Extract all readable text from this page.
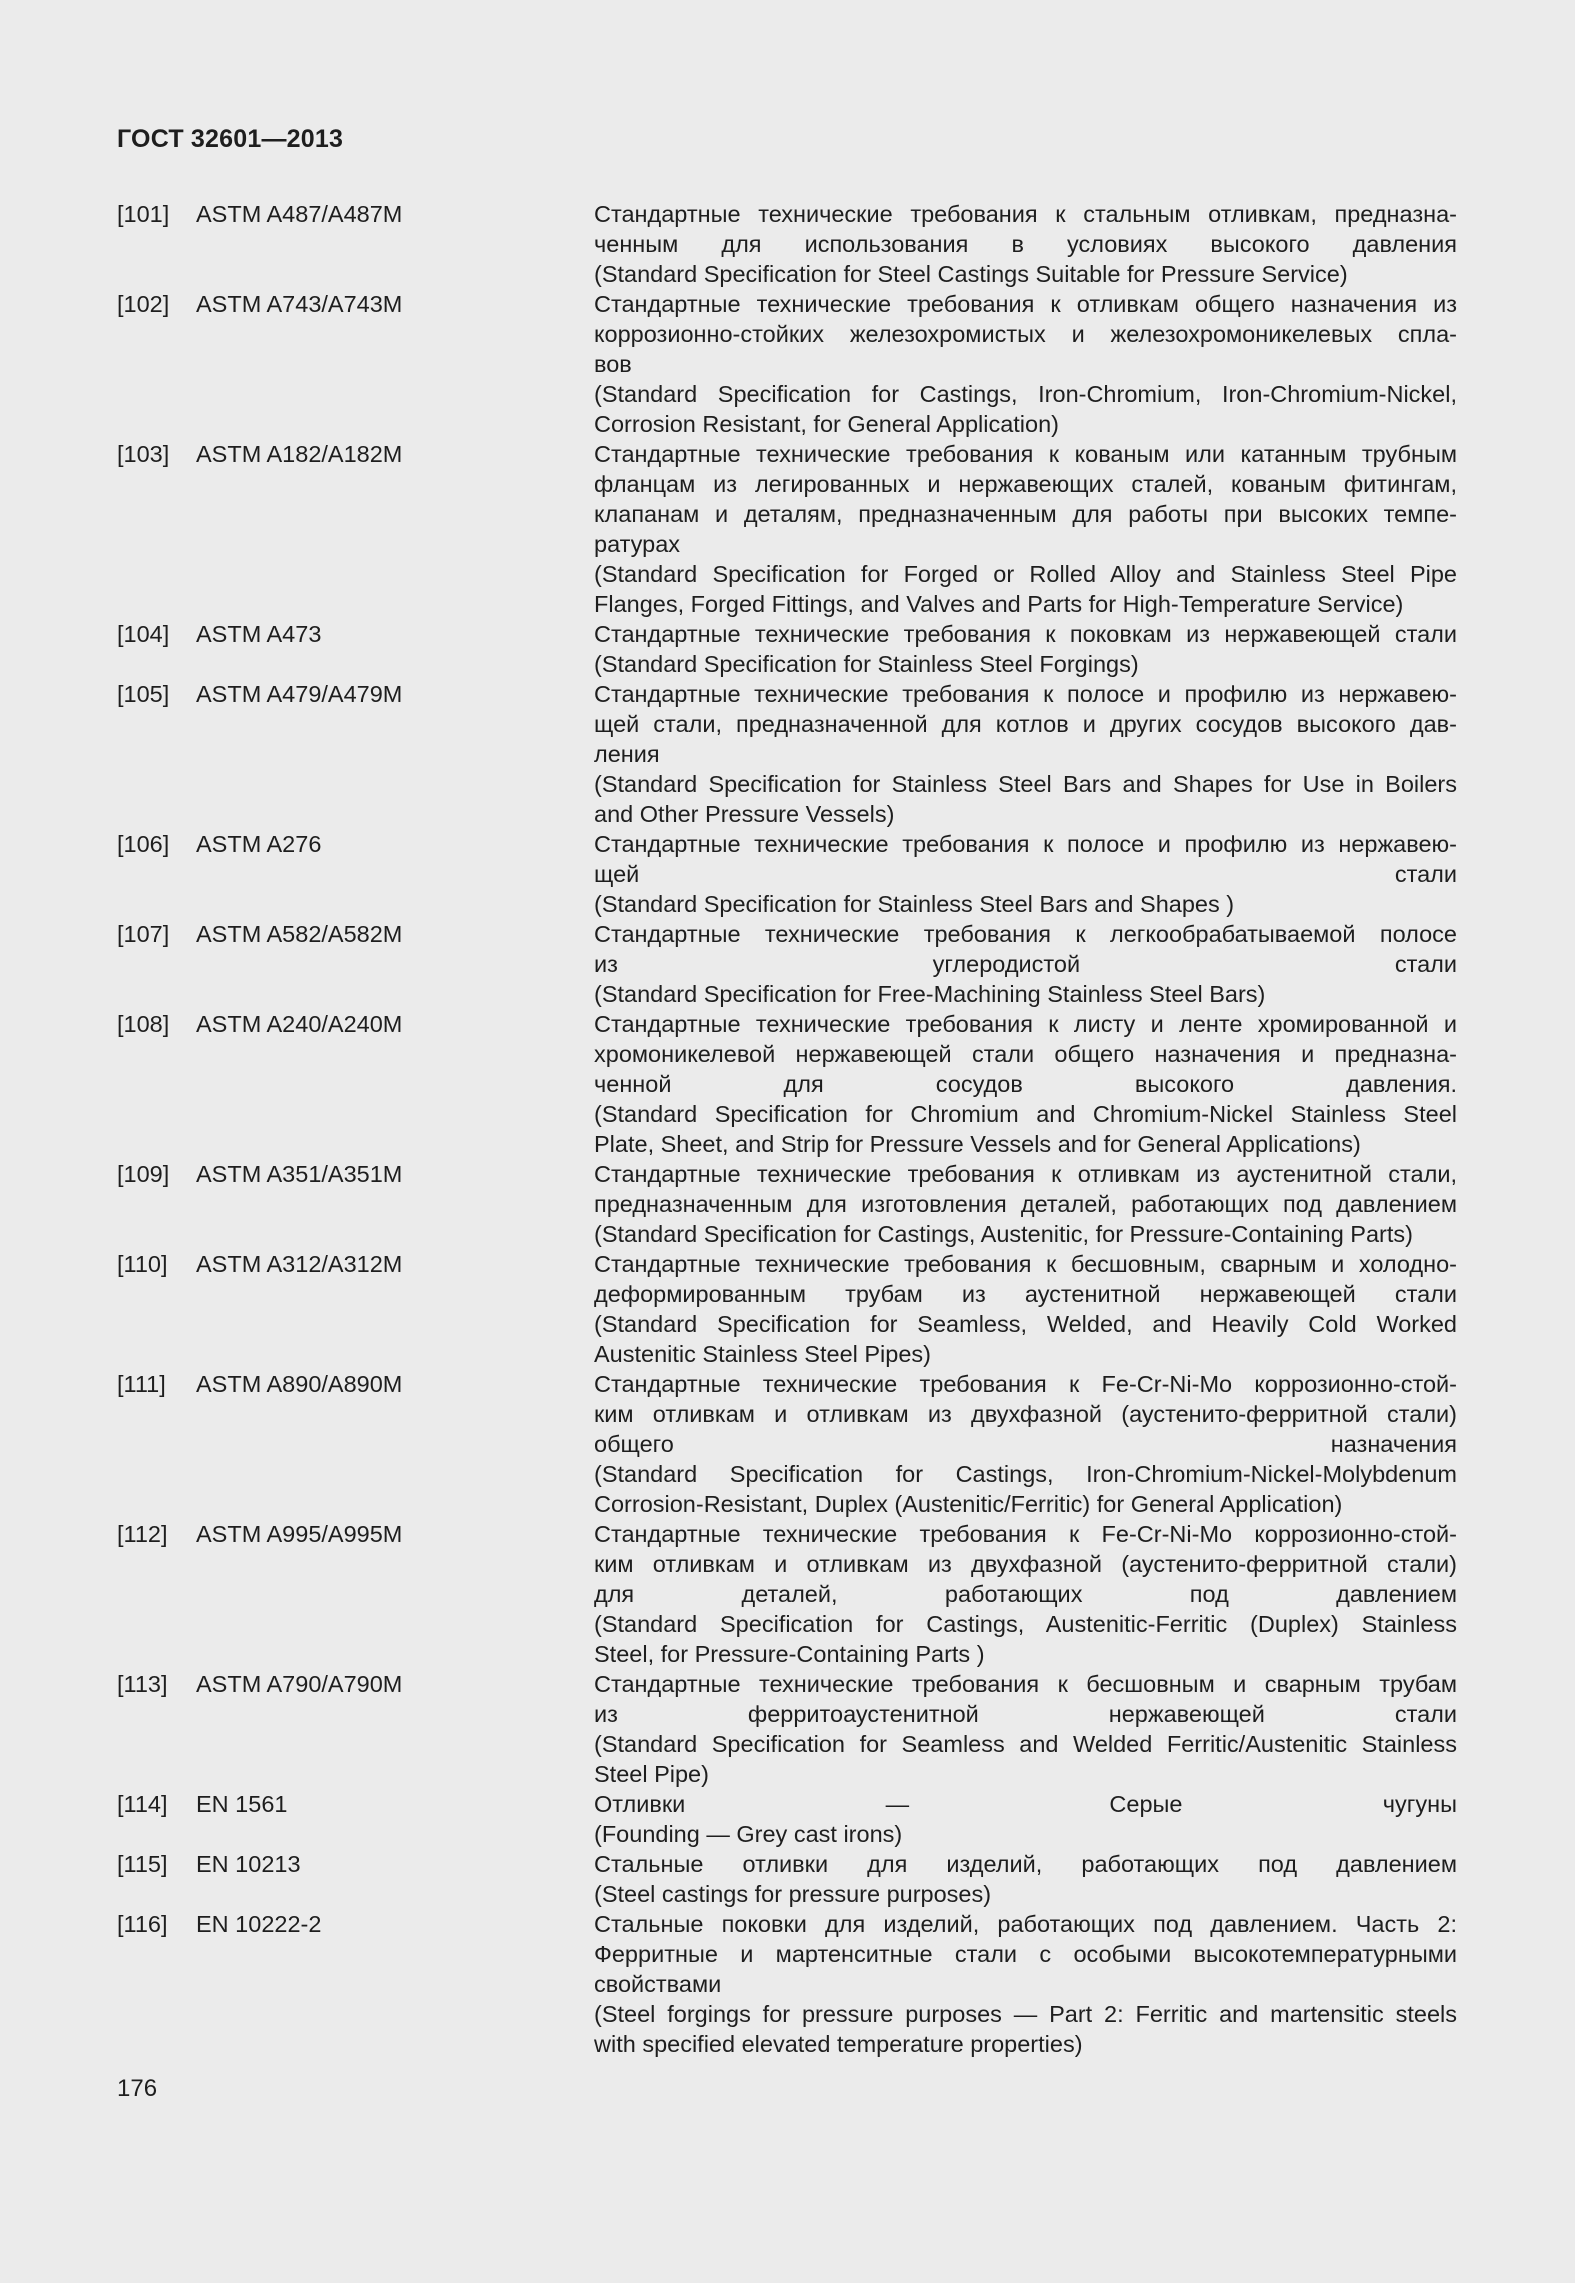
ГОСТ 32601—2013
[101]	ASTM A487/A487M	Стандартные технические требования к стальным отливкам, предназна-
ченным для использования в условиях высокого давления
(Standard Specification for Steel Castings Suitable for Pressure Service)
[102]	ASTM A743/A743M	Стандартные технические требования к отливкам общего назначения из
коррозионно-стойких железохромистых и железохромоникелевых спла-
вов
(Standard Specification for Castings, Iron-Chromium, Iron-Chromium-Nickel,
Corrosion Resistant, for General Application)
[103]	ASTM A182/A182M	Стандартные технические требования к кованым или катанным трубным
фланцам из легированных и нержавеющих сталей, кованым фитингам,
клапанам и деталям, предназначенным для работы при высоких темпе-
ратурах
(Standard Specification for Forged or Rolled Alloy and Stainless Steel Pipe
Flanges, Forged Fittings, and Valves and Parts for High-Temperature Service)
[104]	ASTM A473	Стандартные технические требования к поковкам из нержавеющей стали
(Standard Specification for Stainless Steel Forgings)
[105]	ASTM A479/A479M	Стандартные технические требования к полосе и профилю из нержавею-
щей стали, предназначенной для котлов и других сосудов высокого дав-
ления
(Standard Specification for Stainless Steel Bars and Shapes for Use in Boilers
and Other Pressure Vessels)
[106]	ASTM A276	Стандартные технические требования к полосе и профилю из нержавею-
щей стали
(Standard Specification for Stainless Steel Bars and Shapes )
[107]	ASTM A582/A582M	Стандартные технические требования к легкообрабатываемой полосе
из углеродистой стали
(Standard Specification for Free-Machining Stainless Steel Bars)
[108]	ASTM A240/A240M	Стандартные технические требования к листу и ленте хромированной и
хромоникелевой нержавеющей стали общего назначения и предназна-
ченной для сосудов высокого давления.
(Standard Specification for Chromium and Chromium-Nickel Stainless Steel
Plate, Sheet, and Strip for Pressure Vessels and for General Applications)
[109]	ASTM A351/A351M	Стандартные технические требования к отливкам из аустенитной стали,
предназначенным для изготовления деталей, работающих под давлением
(Standard Specification for Castings, Austenitic, for Pressure-Containing Parts)
[110]	ASTM A312/A312M	Стандартные технические требования к бесшовным, сварным и холодно-
деформированным трубам из аустенитной нержавеющей стали
(Standard Specification for Seamless, Welded, and Heavily Cold Worked
Austenitic Stainless Steel Pipes)
[111]	ASTM A890/A890M	Стандартные технические требования к Fe-Cr-Ni-Mo коррозионно-стой-
ким отливкам и отливкам из двухфазной (аустенито-ферритной стали)
общего назначения
(Standard Specification for Castings, Iron-Chromium-Nickel-Molybdenum
Corrosion-Resistant, Duplex (Austenitic/Ferritic) for General Application)
[112]	ASTM A995/A995M	Стандартные технические требования к Fe-Cr-Ni-Mo коррозионно-стой-
ким отливкам и отливкам из двухфазной (аустенито-ферритной стали)
для деталей, работающих под давлением
(Standard Specification for Castings, Austenitic-Ferritic (Duplex) Stainless
Steel, for Pressure-Containing Parts )
[113]	ASTM A790/A790M	Стандартные технические требования к бесшовным и сварным трубам
из ферритоаустенитной нержавеющей стали
(Standard Specification for Seamless and Welded Ferritic/Austenitic Stainless
Steel Pipe)
[114]	EN 1561	Отливки — Серые чугуны
(Founding — Grey cast irons)
[115]	EN 10213	Стальные отливки для изделий, работающих под давлением
(Steel castings for pressure purposes)
[116]	EN 10222-2	Стальные поковки для изделий, работающих под давлением. Часть 2:
Ферритные и мартенситные стали с особыми высокотемпературными
свойствами
(Steel forgings for pressure purposes — Part 2: Ferritic and martensitic steels
with specified elevated temperature properties)
176
